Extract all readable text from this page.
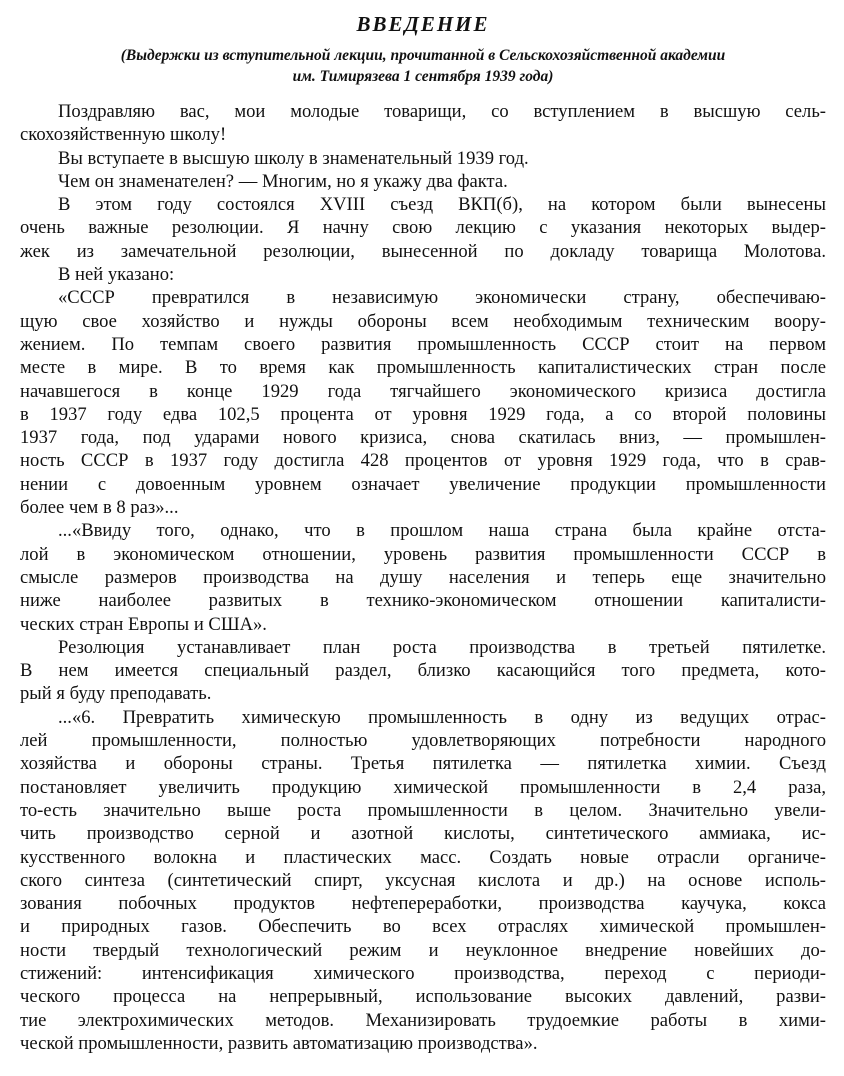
ВВЕДЕНИЕ
(Выдержки из вступительной лекции, прочитанной в Сельскохозяйственной академии
им. Тимирязева 1 сентября 1939 года)
Поздравляю вас, мои молодые товарищи, со вступлением в высшую сель-
скохозяйственную школу!
Вы вступаете в высшую школу в знаменательный 1939 год.
Чем он знаменателен? — Многим, но я укажу два факта.
В этом году состоялся XVIII съезд ВКП(б), на котором были вынесены
очень важные резолюции. Я начну свою лекцию с указания некоторых выдер-
жек из замечательной резолюции, вынесенной по докладу товарища Молотова.
В ней указано:
«СССР превратился в независимую экономически страну, обеспечиваю-
щую свое хозяйство и нужды обороны всем необходимым техническим воору-
жением. По темпам своего развития промышленность СССР стоит на первом
месте в мире. В то время как промышленность капиталистических стран после
начавшегося в конце 1929 года тягчайшего экономического кризиса достигла
в 1937 году едва 102,5 процента от уровня 1929 года, а со второй половины
1937 года, под ударами нового кризиса, снова скатилась вниз, — промышлен-
ность СССР в 1937 году достигла 428 процентов от уровня 1929 года, что в срав-
нении с довоенным уровнем означает увеличение продукции промышленности
более чем в 8 раз»...
...«Ввиду того, однако, что в прошлом наша страна была крайне отста-
лой в экономическом отношении, уровень развития промышленности СССР в
смысле размеров производства на душу населения и теперь еще значительно
ниже наиболее развитых в технико-экономическом отношении капиталисти-
ческих стран Европы и США».
Резолюция устанавливает план роста производства в третьей пятилетке.
В нем имеется специальный раздел, близко касающийся того предмета, кото-
рый я буду преподавать.
...«6. Превратить химическую промышленность в одну из ведущих отрас-
лей промышленности, полностью удовлетворяющих потребности народного
хозяйства и обороны страны. Третья пятилетка — пятилетка химии. Съезд
постановляет увеличить продукцию химической промышленности в 2,4 раза,
то-есть значительно выше роста промышленности в целом. Значительно увели-
чить производство серной и азотной кислоты, синтетического аммиака, ис-
кусственного волокна и пластических масс. Создать новые отрасли органиче-
ского синтеза (синтетический спирт, уксусная кислота и др.) на основе исполь-
зования побочных продуктов нефтепереработки, производства каучука, кокса
и природных газов. Обеспечить во всех отраслях химической промышлен-
ности твердый технологический режим и неуклонное внедрение новейших до-
стижений: интенсификация химического производства, переход с периоди-
ческого процесса на непрерывный, использование высоких давлений, разви-
тие электрохимических методов. Механизировать трудоемкие работы в хими-
ческой промышленности, развить автоматизацию производства».
